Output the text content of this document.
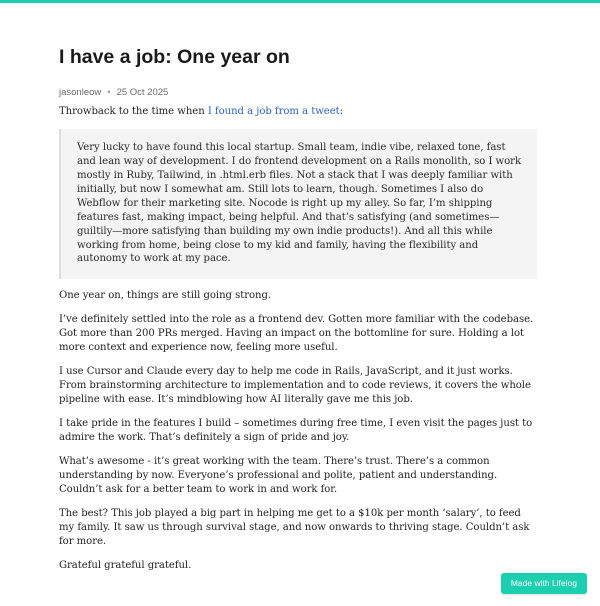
I have a job: One year on
jasonleow • 25 Oct 2025

Throwback to the time when I found a job from a tweet:

Very lucky to have found this local startup. Small team, indie vibe, relaxed tone, fast and lean way of development. I do frontend development on a Rails monolith, so I work mostly in Ruby, Tailwind, in .html.erb files. Not a stack that I was deeply familiar with initially, but now I somewhat am. Still lots to learn, though. Sometimes I also do Webflow for their marketing site. Nocode is right up my alley. So far, I’m shipping features fast, making impact, being helpful. And that’s satisfying (and sometimes—guiltily—more satisfying than building my own indie products!). And all this while working from home, being close to my kid and family, having the flexibility and autonomy to work at my pace.

One year on, things are still going strong.

I’ve definitely settled into the role as a frontend dev. Gotten more familiar with the codebase. Got more than 200 PRs merged. Having an impact on the bottomline for sure. Holding a lot more context and experience now, feeling more useful.

I use Cursor and Claude every day to help me code in Rails, JavaScript, and it just works. From brainstorming architecture to implementation and to code reviews, it covers the whole pipeline with ease. It’s mindblowing how AI literally gave me this job.

I take pride in the features I build – sometimes during free time, I even visit the pages just to admire the work. That’s definitely a sign of pride and joy.

What’s awesome - it’s great working with the team. There’s trust. There’s a common understanding by now. Everyone’s professional and polite, patient and understanding. Couldn’t ask for a better team to work in and work for.

The best? This job played a big part in helping me get to a $10k per month ‘salary’, to feed my family. It saw us through survival stage, and now onwards to thriving stage. Couldn’t ask for more.

Grateful grateful grateful.

Made with Lifelog
